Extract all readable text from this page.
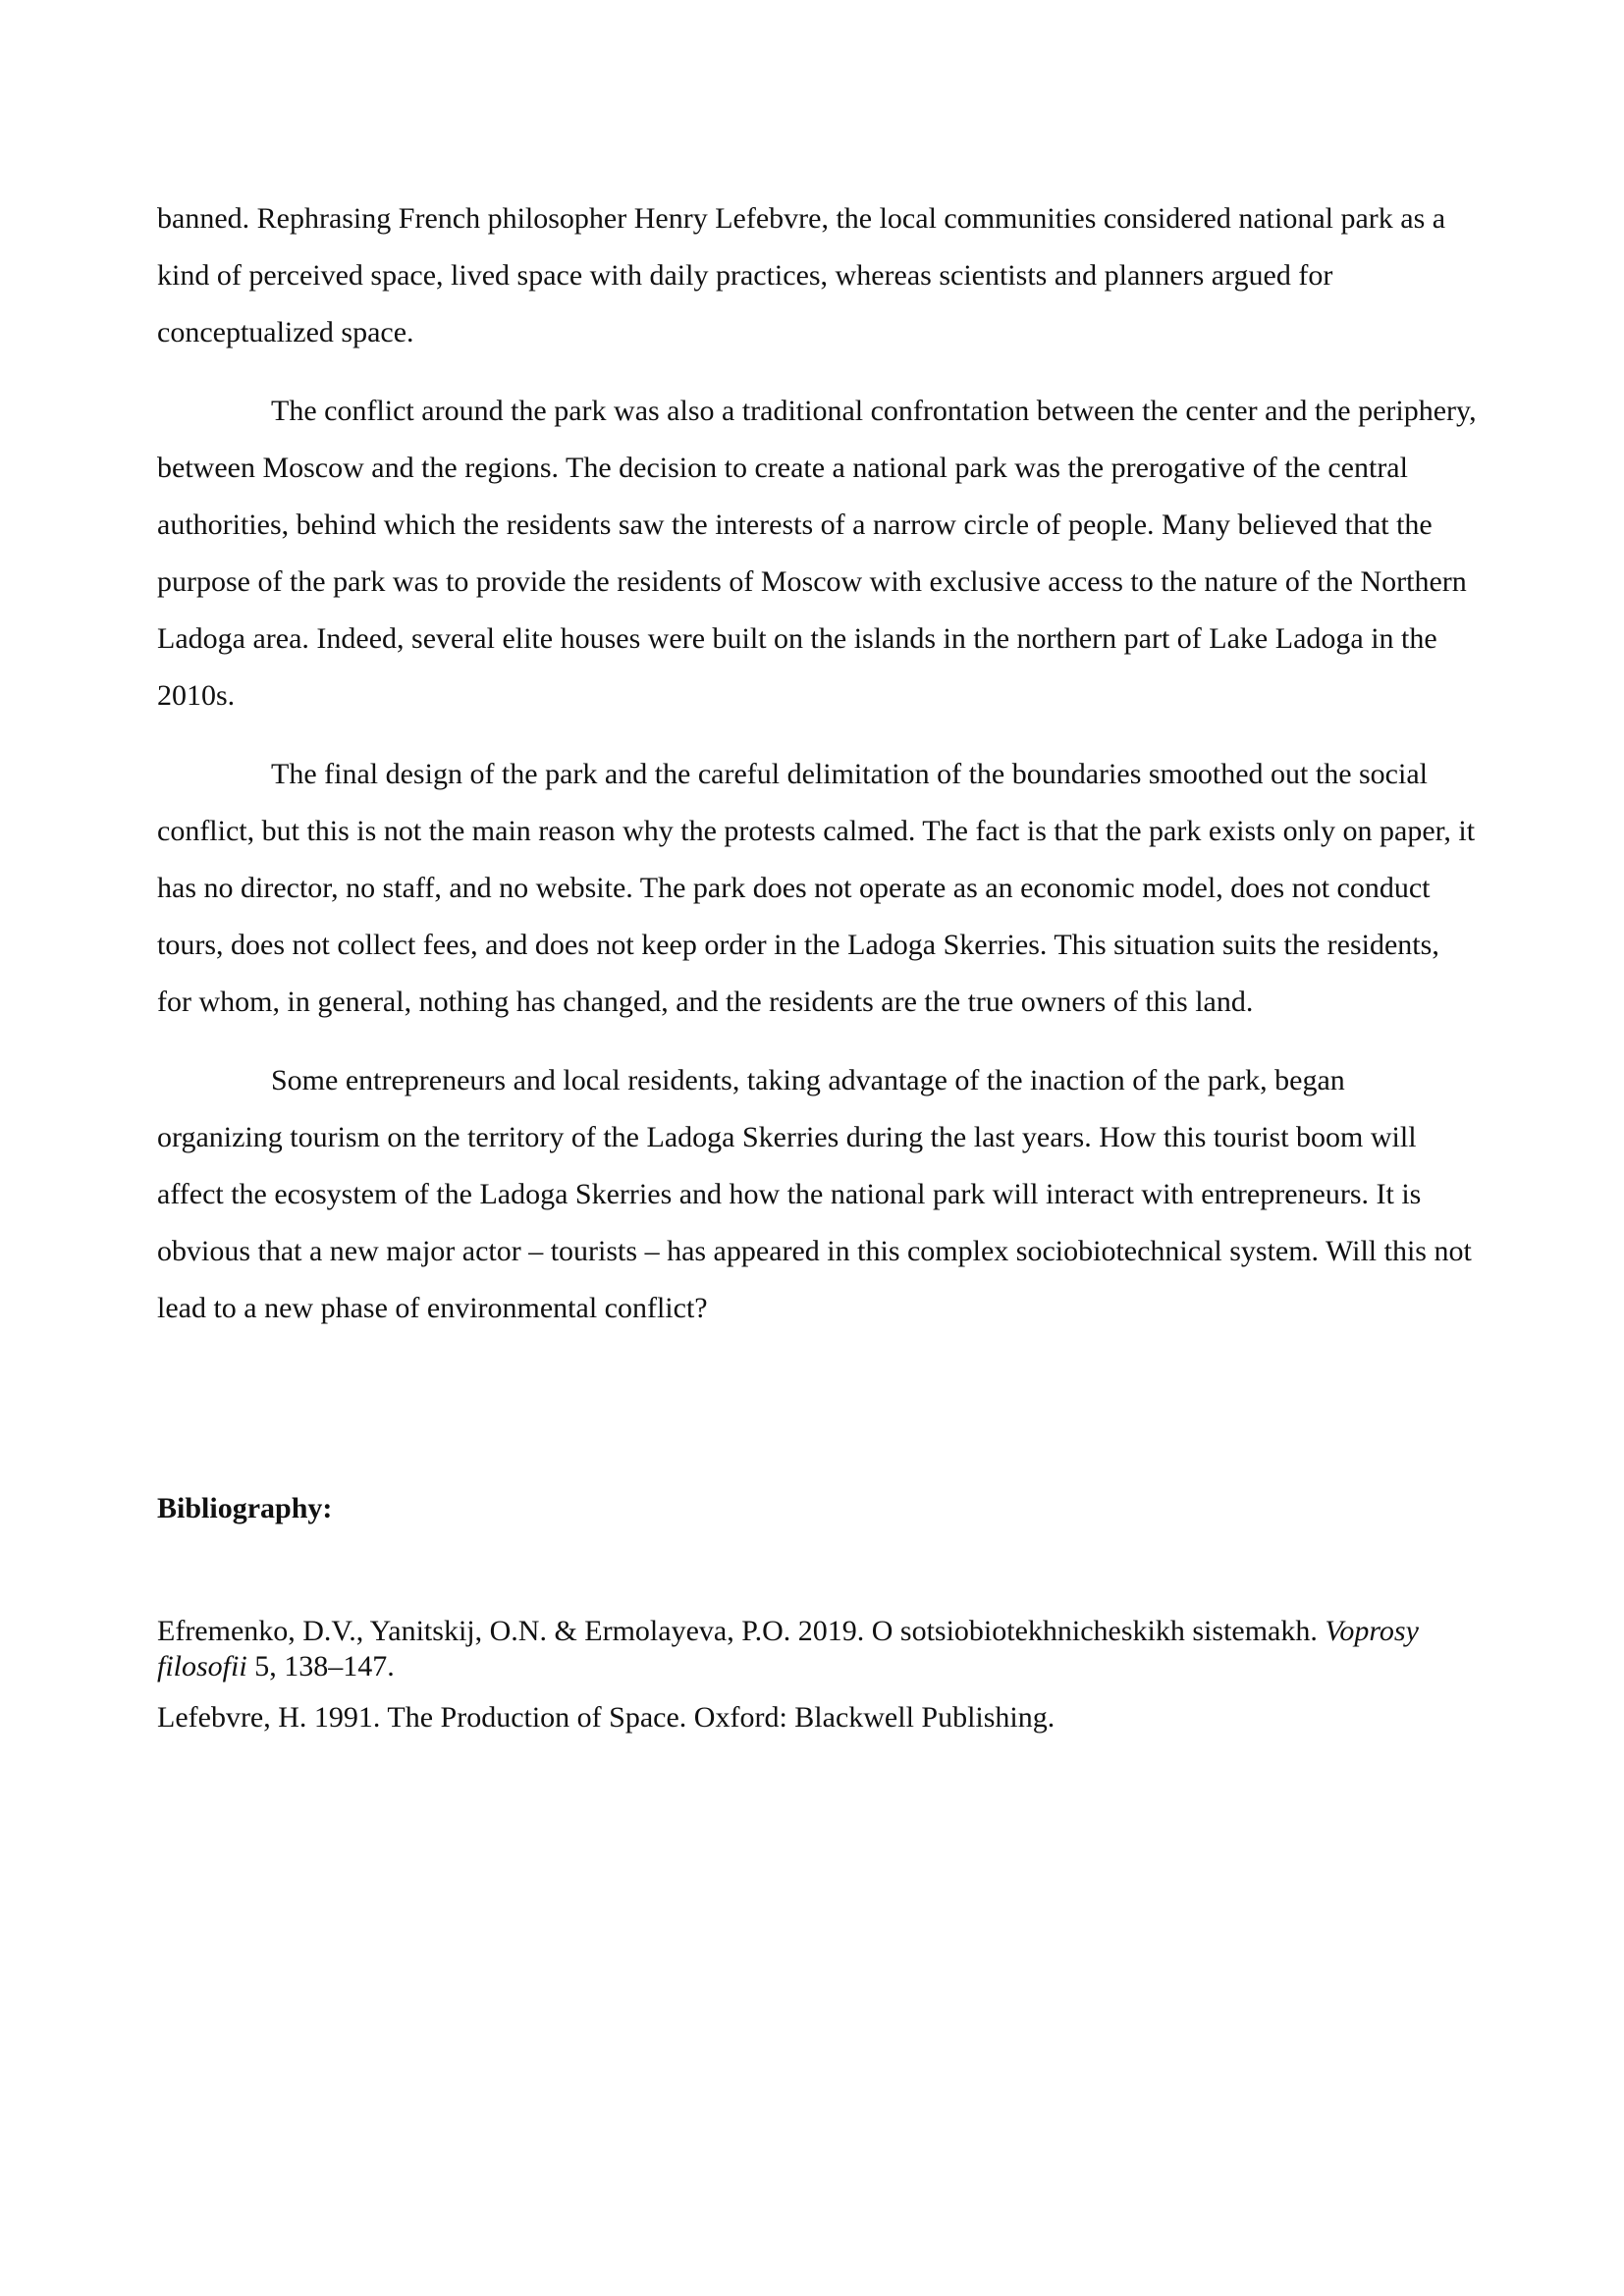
banned. Rephrasing French philosopher Henry Lefebvre, the local communities considered national park as a kind of perceived space, lived space with daily practices, whereas scientists and planners argued for conceptualized space.

The conflict around the park was also a traditional confrontation between the center and the periphery, between Moscow and the regions. The decision to create a national park was the prerogative of the central authorities, behind which the residents saw the interests of a narrow circle of people. Many believed that the purpose of the park was to provide the residents of Moscow with exclusive access to the nature of the Northern Ladoga area. Indeed, several elite houses were built on the islands in the northern part of Lake Ladoga in the 2010s.

The final design of the park and the careful delimitation of the boundaries smoothed out the social conflict, but this is not the main reason why the protests calmed. The fact is that the park exists only on paper, it has no director, no staff, and no website. The park does not operate as an economic model, does not conduct tours, does not collect fees, and does not keep order in the Ladoga Skerries. This situation suits the residents, for whom, in general, nothing has changed, and the residents are the true owners of this land.

Some entrepreneurs and local residents, taking advantage of the inaction of the park, began organizing tourism on the territory of the Ladoga Skerries during the last years. How this tourist boom will affect the ecosystem of the Ladoga Skerries and how the national park will interact with entrepreneurs. It is obvious that a new major actor – tourists – has appeared in this complex sociobiotechnical system. Will this not lead to a new phase of environmental conflict?

Bibliography:

Efremenko, D.V., Yanitskij, O.N. & Ermolayeva, P.O. 2019. O sotsiobiotekhnicheskikh sistemakh. Voprosy filosofii 5, 138–147.

Lefebvre, H. 1991. The Production of Space. Oxford: Blackwell Publishing.
